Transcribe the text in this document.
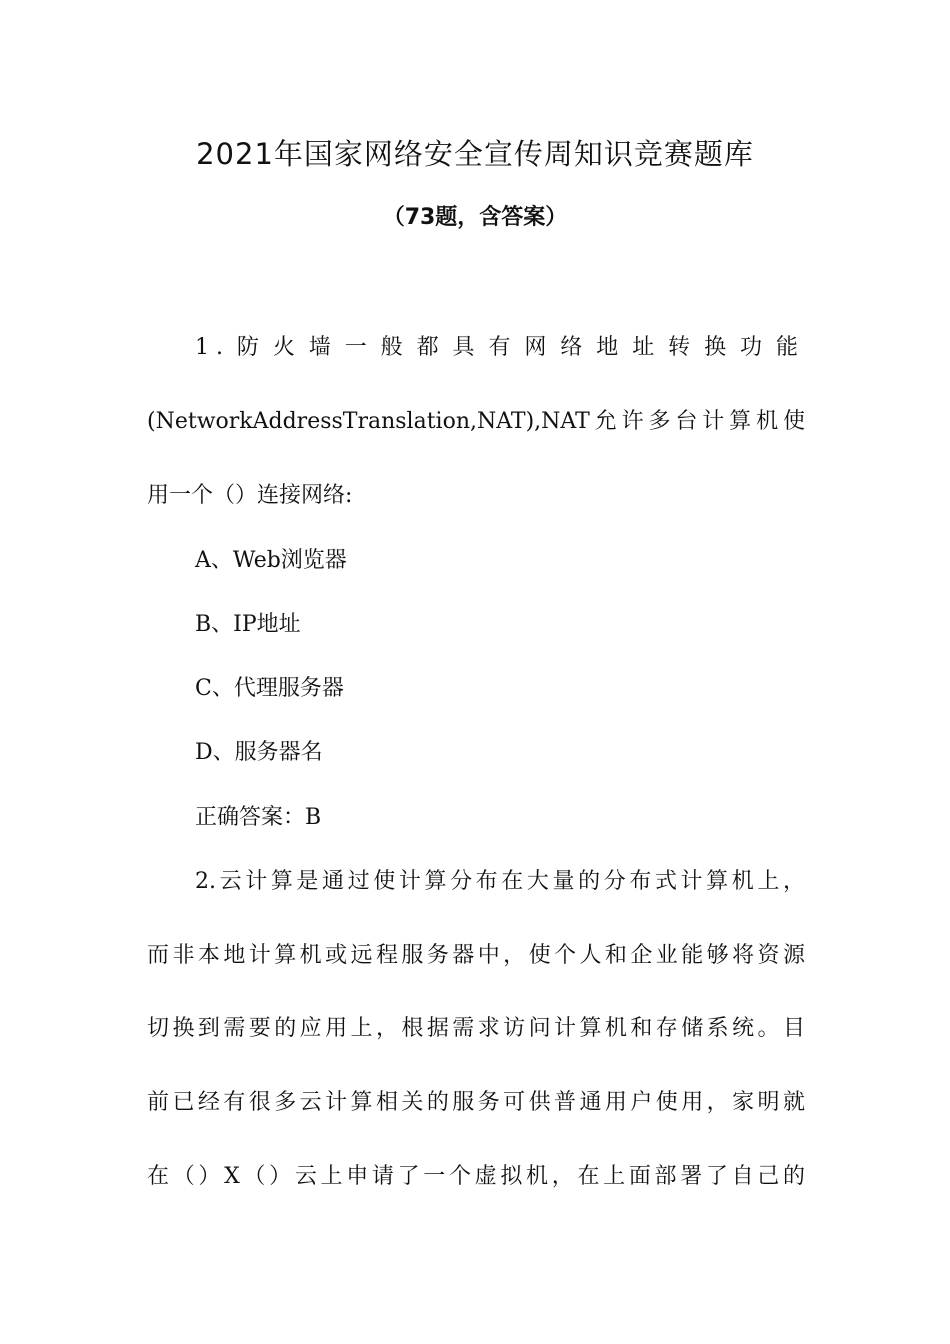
2021年国家网络安全宣传周知识竞赛题库
（73题，含答案）
1.防火墙一般都具有网络地址转换功能
(NetworkAddressTranslation,NAT),NAT允许多台计算机使
用一个（）连接网络:
A、Web浏览器
B、IP地址
C、代理服务器
D、服务器名
正确答案：B
2.云计算是通过使计算分布在大量的分布式计算机上，
而非本地计算机或远程服务器中，使个人和企业能够将资源
切换到需要的应用上，根据需求访问计算机和存储系统。目
前已经有很多云计算相关的服务可供普通用户使用，家明就
在（）X（）云上申请了一个虚拟机，在上面部署了自己的
